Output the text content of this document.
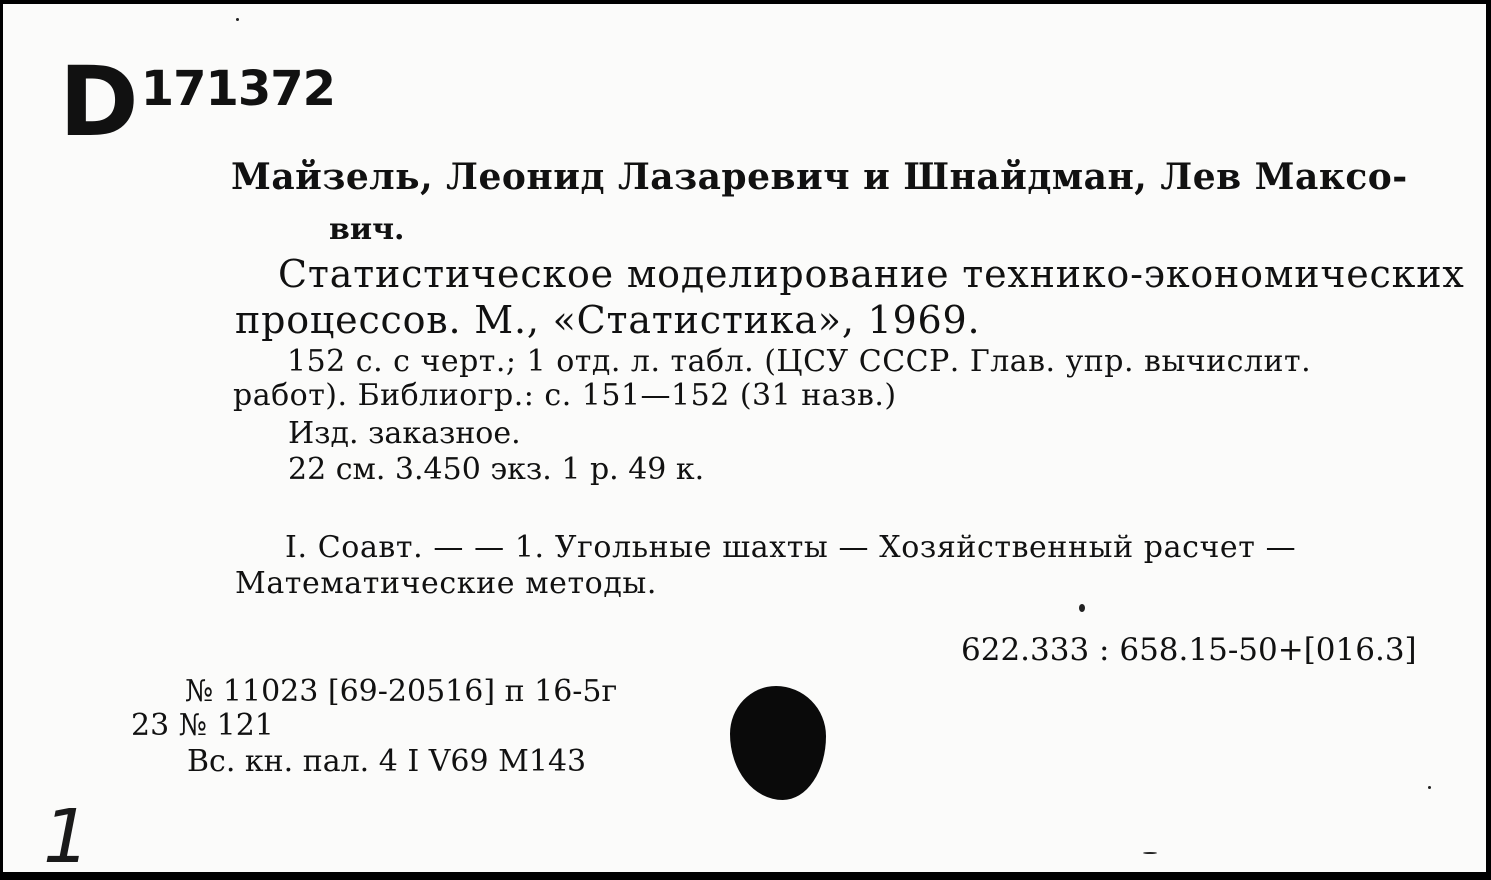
D171372
Майзель, Леонид Лазаревич и Шнайдман, Лев Максо-
вич.
Статистическое моделирование технико-экономических
процессов. М., «Статистика», 1969.
152 с. с черт.; 1 отд. л. табл. (ЦСУ СССР. Глав. упр. вычислит.
работ). Библиогр.: с. 151—152 (31 назв.)
Изд. заказное.
22 см. 3.450 экз. 1 р. 49 к.
I. Соавт. — — 1. Угольные шахты — Хозяйственный расчет —
Математические методы.
622.333 : 658.15-50+[016.3]
№ 11023 [69-20516] п 16-5г
23 № 121
Вс. кн. пал. 4 I V69 М143
1
